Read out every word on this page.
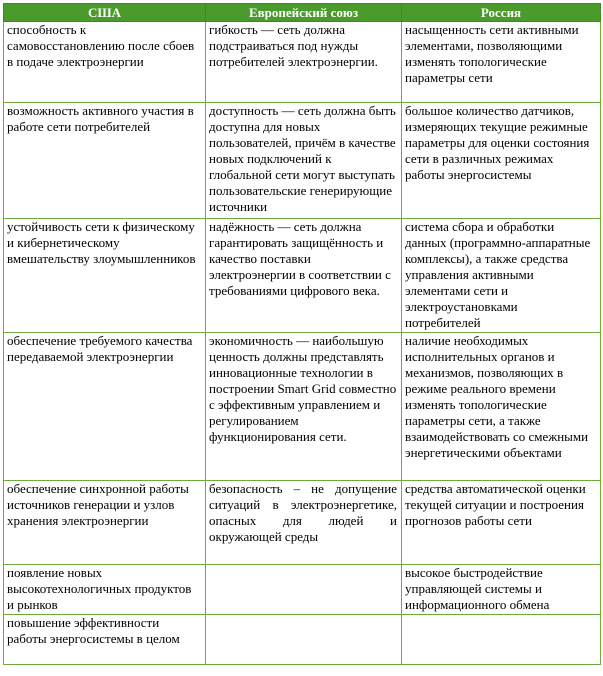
США	Европейский союз	Россия
способность к самовосстановлению после сбоев в подаче электроэнергии	гибкость — сеть должна подстраиваться под нужды потребителей электроэнергии.	насыщенность сети активными элементами, позволяющими изменять топологические параметры сети
возможность активного участия в работе сети потребителей	доступность — сеть должна быть доступна для новых пользователей, причём в качестве новых подключений к глобальной сети могут выступать пользовательские генерирующие источники	большое количество датчиков, измеряющих текущие режимные параметры для оценки состояния сети в различных режимах работы энергосистемы
устойчивость сети к физическому и кибернетическому вмешательству злоумышленников	надёжность — сеть должна гарантировать защищённость и качество поставки электроэнергии в соответствии с требованиями цифрового века.	система сбора и обработки данных (программно-аппаратные комплексы), а также средства управления активными элементами сети и электроустановками потребителей
обеспечение требуемого качества передаваемой электроэнергии	экономичность — наибольшую ценность должны представлять инновационные технологии в построении Smart Grid совместно с эффективным управлением и регулированием функционирования сети.	наличие необходимых исполнительных органов и механизмов, позволяющих в режиме реального времени изменять топологические параметры сети, а также взаимодействовать со смежными энергетическими объектами
обеспечение синхронной работы источников генерации и узлов хранения электроэнергии	безопасность – не допущение ситуаций в электроэнергетике, опасных для людей и окружающей среды	средства автоматической оценки текущей ситуации и построения прогнозов работы сети
появление новых высокотехнологичных продуктов и рынков		высокое быстродействие управляющей системы и информационного обмена
повышение эффективности работы энергосистемы в целом		
